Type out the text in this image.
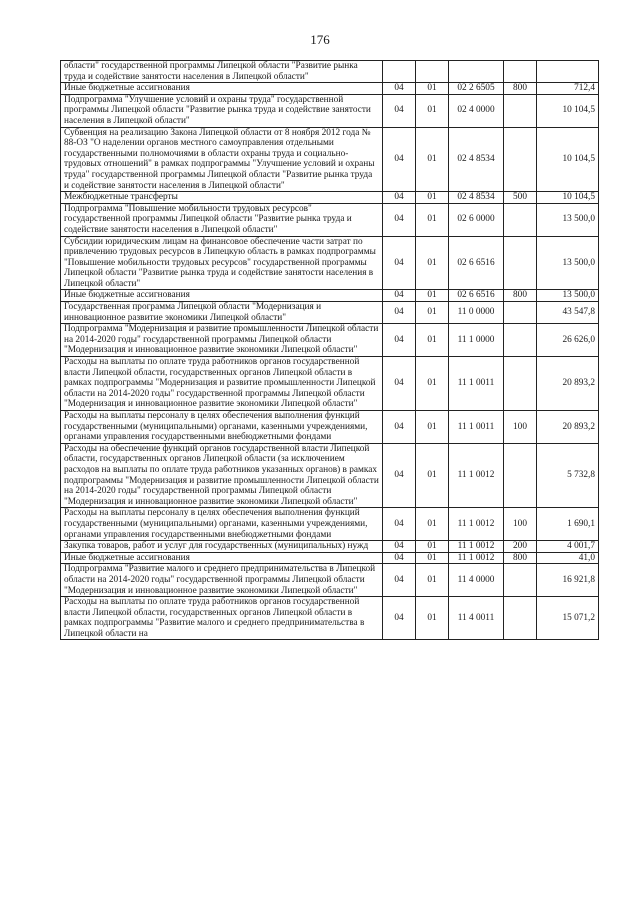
176
области" государственной программы Липецкой области "Развитие рынка труда и содействие занятости населения в Липецкой области"					
Иные бюджетные ассигнования	04	01	02 2 6505	800	712,4
Подпрограмма "Улучшение условий и охраны труда" государственной программы Липецкой области "Развитие рынка труда и содействие занятости населения в Липецкой области"	04	01	02 4 0000		10 104,5
Субвенция на реализацию Закона Липецкой области от 8 ноября 2012 года № 88-ОЗ "О наделении органов местного самоуправления отдельными государственными полномочиями в области охраны труда и социально-трудовых отношений" в рамках подпрограммы "Улучшение условий и охраны труда" государственной программы Липецкой области "Развитие рынка труда и содействие занятости населения в Липецкой области"	04	01	02 4 8534		10 104,5
Межбюджетные трансферты	04	01	02 4 8534	500	10 104,5
Подпрограмма "Повышение мобильности трудовых ресурсов" государственной программы Липецкой области "Развитие рынка труда и содействие занятости населения в Липецкой области"	04	01	02 6 0000		13 500,0
Субсидии юридическим лицам на финансовое обеспечение части затрат по привлечению трудовых ресурсов в Липецкую область в рамках подпрограммы "Повышение мобильности трудовых ресурсов" государственной программы Липецкой области "Развитие рынка труда и содействие занятости населения в Липецкой области"	04	01	02 6 6516		13 500,0
Иные бюджетные ассигнования	04	01	02 6 6516	800	13 500,0
Государственная программа Липецкой области "Модернизация и инновационное развитие экономики Липецкой области"	04	01	11 0 0000		43 547,8
Подпрограмма "Модернизация и развитие промышленности Липецкой области на 2014-2020 годы" государственной программы Липецкой области "Модернизация и инновационное развитие экономики Липецкой области"	04	01	11 1 0000		26 626,0
Расходы на выплаты по оплате труда работников органов государственной власти Липецкой области, государственных органов Липецкой области в рамках подпрограммы "Модернизация и развитие промышленности Липецкой области на 2014-2020 годы" государственной программы Липецкой области "Модернизация и инновационное развитие экономики Липецкой области"	04	01	11 1 0011		20 893,2
Расходы на выплаты персоналу в целях обеспечения выполнения функций государственными (муниципальными) органами, казенными учреждениями, органами управления государственными внебюджетными фондами	04	01	11 1 0011	100	20 893,2
Расходы на обеспечение функций органов государственной власти Липецкой области, государственных органов Липецкой области (за исключением расходов на выплаты по оплате труда работников указанных органов) в рамках подпрограммы "Модернизация и развитие промышленности Липецкой области на 2014-2020 годы" государственной программы Липецкой области "Модернизация и инновационное развитие экономики Липецкой области"	04	01	11 1 0012		5 732,8
Расходы на выплаты персоналу в целях обеспечения выполнения функций государственными (муниципальными) органами, казенными учреждениями, органами управления государственными внебюджетными фондами	04	01	11 1 0012	100	1 690,1
Закупка товаров, работ и услуг для государственных (муниципальных) нужд	04	01	11 1 0012	200	4 001,7
Иные бюджетные ассигнования	04	01	11 1 0012	800	41,0
Подпрограмма "Развитие малого и среднего предпринимательства в Липецкой области на 2014-2020 годы" государственной программы Липецкой области "Модернизация и инновационное развитие экономики Липецкой области"	04	01	11 4 0000		16 921,8
Расходы на выплаты по оплате труда работников органов государственной власти Липецкой области, государственных органов Липецкой области в рамках подпрограммы "Развитие малого и среднего предпринимательства в Липецкой области на	04	01	11 4 0011		15 071,2
